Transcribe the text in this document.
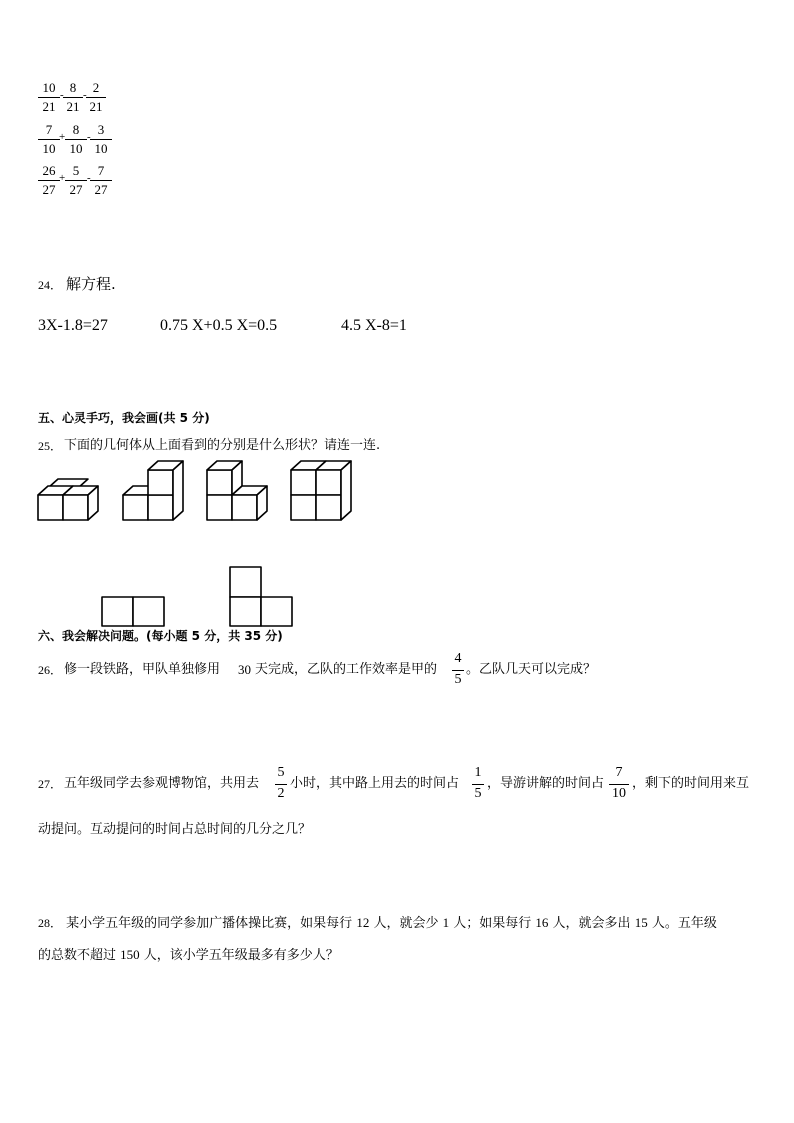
10
21
- 8
21
- 2
21
7
10
+ 8
10
- 3
10
26
27
+ 5
27
- 7
27
24． 解方程.
3X-1.8=27	0.75 X+0.5 X=0.5	4.5 X-8=1
五、心灵手巧，我会画(共 5 分)
25． 下面的几何体从上面看到的分别是什么形状？请连一连.
六、我会解决问题。(每小题 5 分，共 35 分)
26． 修一段铁路，甲队单独修用 30 天完成，乙队的工作效率是甲的
4
5
。乙队几天可以完成？
27． 五年级同学去参观博物馆，共用去
5
2
小时，其中路上用去的时间占
1
5
，导游讲解的时间占
7
10
，剩下的时间用来互
动提问。互动提问的时间占总时间的几分之几？
28． 某小学五年级的同学参加广播体操比赛，如果每行 12 人，就会少 1 人；如果每行 16 人，就会多出 15 人。五年级
的总数不超过 150 人，该小学五年级最多有多少人？
